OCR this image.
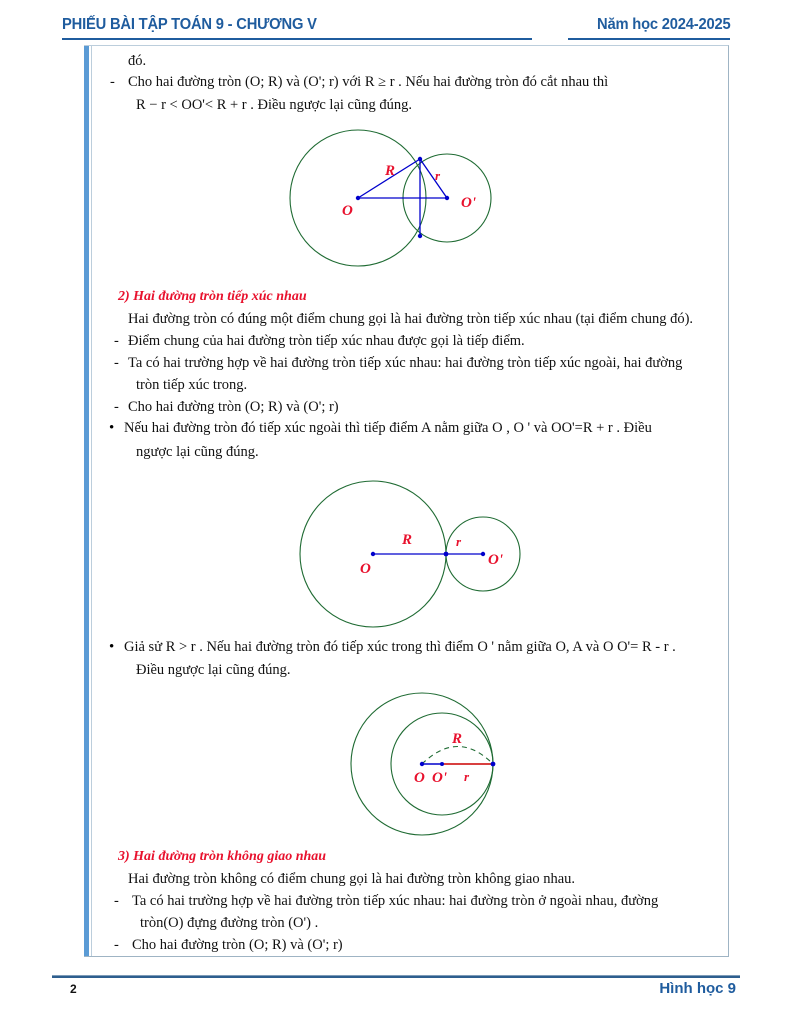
PHIẾU BÀI TẬP TOÁN 9 - CHƯƠNG V	Năm học 2024-2025
đó.
- Cho hai đường tròn (O; R) và (O'; r) với R ≥ r . Nếu hai đường tròn đó cắt nhau thì
R − r < OO'< R + r . Điều ngược lại cũng đúng.
R	r
O	O'
2) Hai đường tròn tiếp xúc nhau
Hai đường tròn có đúng một điểm chung gọi là hai đường tròn tiếp xúc nhau (tại điểm chung đó).
- Điểm chung của hai đường tròn tiếp xúc nhau được gọi là tiếp điểm.
- Ta có hai trường hợp về hai đường tròn tiếp xúc nhau: hai đường tròn tiếp xúc ngoài, hai đường
tròn tiếp xúc trong.
- Cho hai đường tròn (O; R) và (O'; r)
• Nếu hai đường tròn đó tiếp xúc ngoài thì tiếp điểm A nằm giữa O , O ' và OO'=R + r . Điều
ngược lại cũng đúng.
R	r
O
O'
• Giả sử R > r . Nếu hai đường tròn đó tiếp xúc trong thì điểm O ' nằm giữa O, A và O O'= R - r .
Điều ngược lại cũng đúng.
R
r
O O'
3) Hai đường tròn không giao nhau
Hai đường tròn không có điểm chung gọi là hai đường tròn không giao nhau.
- Ta có hai trường hợp về hai đường tròn tiếp xúc nhau: hai đường tròn ở ngoài nhau, đường
tròn(O) đựng đường tròn (O') .
- Cho hai đường tròn (O; R) và (O'; r)
2	Hình học 9
